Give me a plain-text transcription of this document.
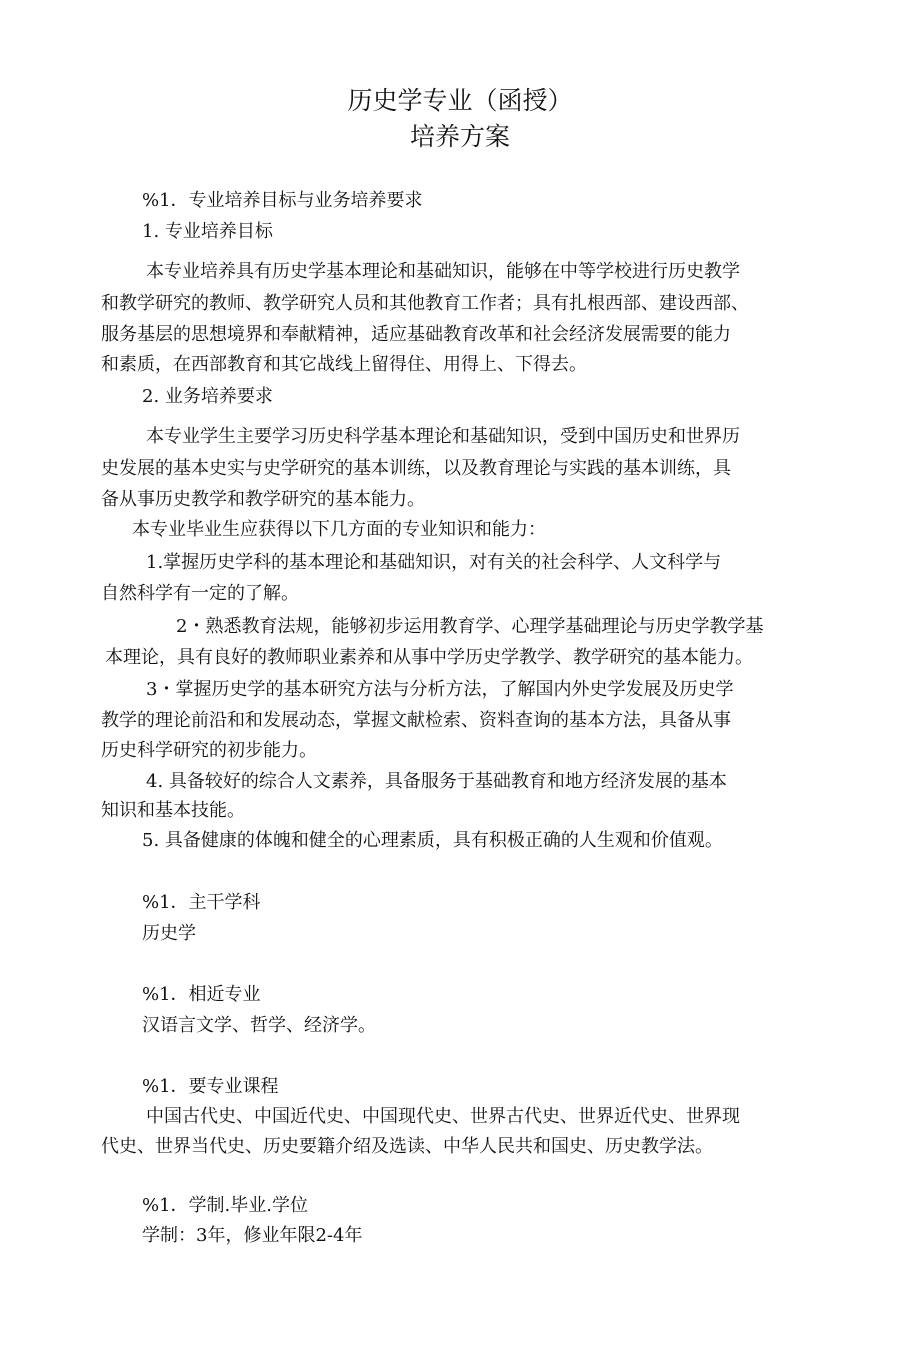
历史学专业（函授）
培养方案
%1．专业培养目标与业务培养要求
1. 专业培养目标
本专业培养具有历史学基本理论和基础知识，能够在中等学校进行历史教学
和教学研究的教师、教学研究人员和其他教育工作者；具有扎根西部、建设西部、
服务基层的思想境界和奉献精神，适应基础教育改革和社会经济发展需要的能力
和素质，在西部教育和其它战线上留得住、用得上、下得去。
2. 业务培养要求
本专业学生主要学习历史科学基本理论和基础知识，受到中国历史和世界历
史发展的基本史实与史学研究的基本训练，以及教育理论与实践的基本训练，具
备从事历史教学和教学研究的基本能力。
本专业毕业生应获得以下几方面的专业知识和能力：
1.掌握历史学科的基本理论和基础知识，对有关的社会科学、人文科学与
自然科学有一定的了解。
2・熟悉教育法规，能够初步运用教育学、心理学基础理论与历史学教学基
本理论，具有良好的教师职业素养和从事中学历史学教学、教学研究的基本能力。
3・掌握历史学的基本研究方法与分析方法，了解国内外史学发展及历史学
教学的理论前沿和和发展动态，掌握文献检索、资料查询的基本方法，具备从事
历史科学研究的初步能力。
4. 具备较好的综合人文素养，具备服务于基础教育和地方经济发展的基本
知识和基本技能。
5. 具备健康的体魄和健全的心理素质，具有积极正确的人生观和价值观。
%1．主干学科
历史学
%1．相近专业
汉语言文学、哲学、经济学。
%1．要专业课程
中国古代史、中国近代史、中国现代史、世界古代史、世界近代史、世界现
代史、世界当代史、历史要籍介绍及选读、中华人民共和国史、历史教学法。
%1．学制.毕业.学位
学制：3年，修业年限2-4年
